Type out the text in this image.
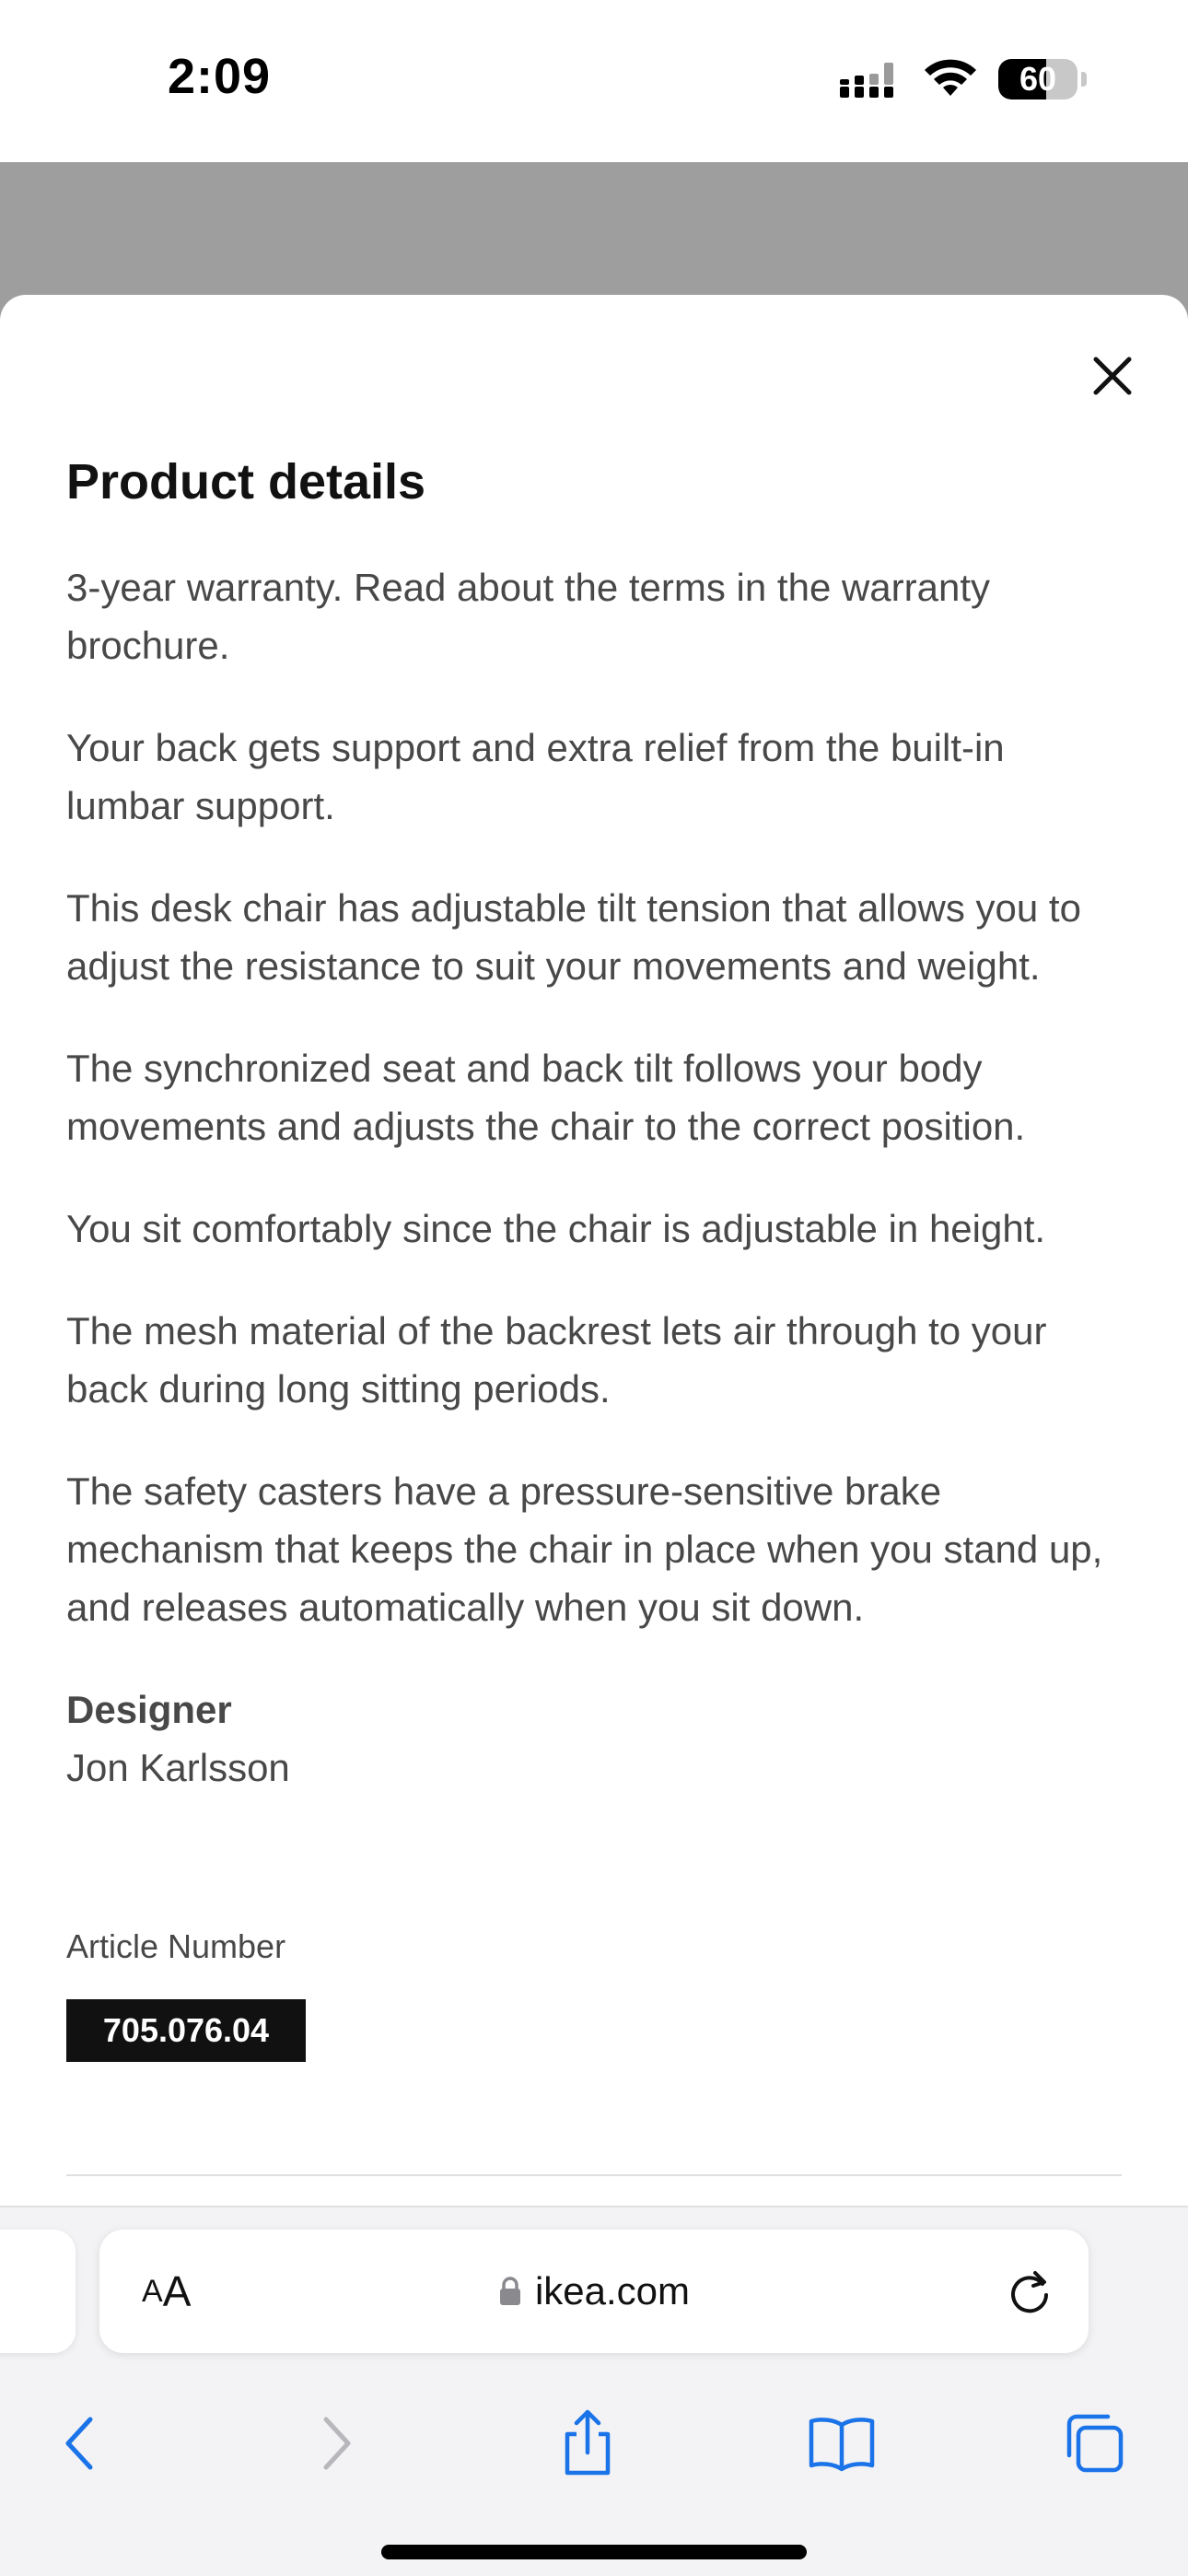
2:09	60
Product details

3-year warranty. Read about the terms in the warranty brochure.

Your back gets support and extra relief from the built-in lumbar support.

This desk chair has adjustable tilt tension that allows you to adjust the resistance to suit your movements and weight.

The synchronized seat and back tilt follows your body movements and adjusts the chair to the correct position.

You sit comfortably since the chair is adjustable in height.

The mesh material of the backrest lets air through to your back during long sitting periods.

The safety casters have a pressure-sensitive brake mechanism that keeps the chair in place when you stand up, and releases automatically when you sit down.

Designer
Jon Karlsson
Article Number
705.076.04
A A	ikea.com
